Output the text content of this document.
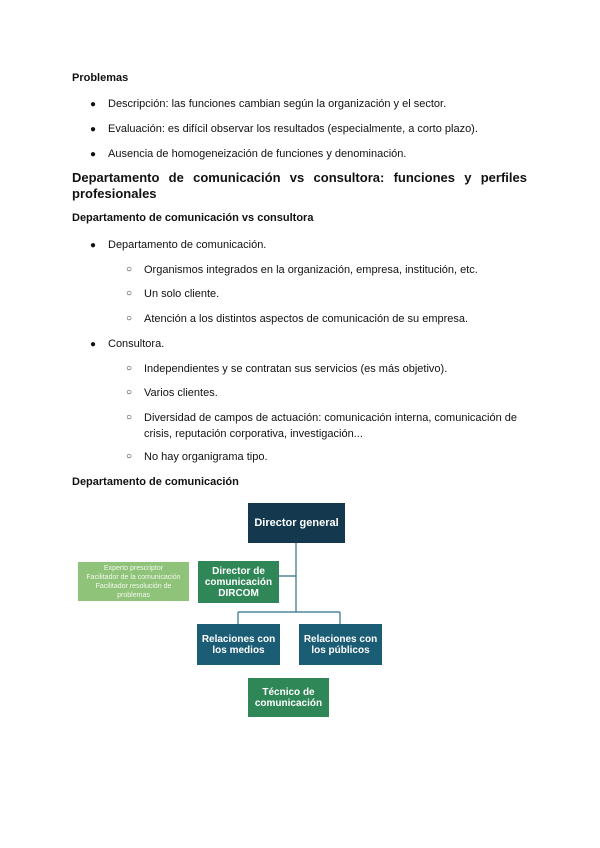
Problemas
● Descripción: las funciones cambian según la organización y el sector.
● Evaluación: es difícil observar los resultados (especialmente, a corto plazo).
● Ausencia de homogeneización de funciones y denominación.
Departamento de comunicación vs consultora: funciones y perfiles profesionales
Departamento de comunicación vs consultora
● Departamento de comunicación.
○ Organismos integrados en la organización, empresa, institución, etc.
○ Un solo cliente.
○ Atención a los distintos aspectos de comunicación de su empresa.
● Consultora.
○ Independientes y se contratan sus servicios (es más objetivo).
○ Varios clientes.
○ Diversidad de campos de actuación: comunicación interna, comunicación de crisis, reputación corporativa, investigación...
○ No hay organigrama tipo.
Departamento de comunicación
Director general
Director de
comunicación
DIRCOM
Experto prescriptor
Facilitador de la comunicación
Facilitador resolución de
problemas
Relaciones con
los medios
Relaciones con
los públicos
Técnico de
comunicación
